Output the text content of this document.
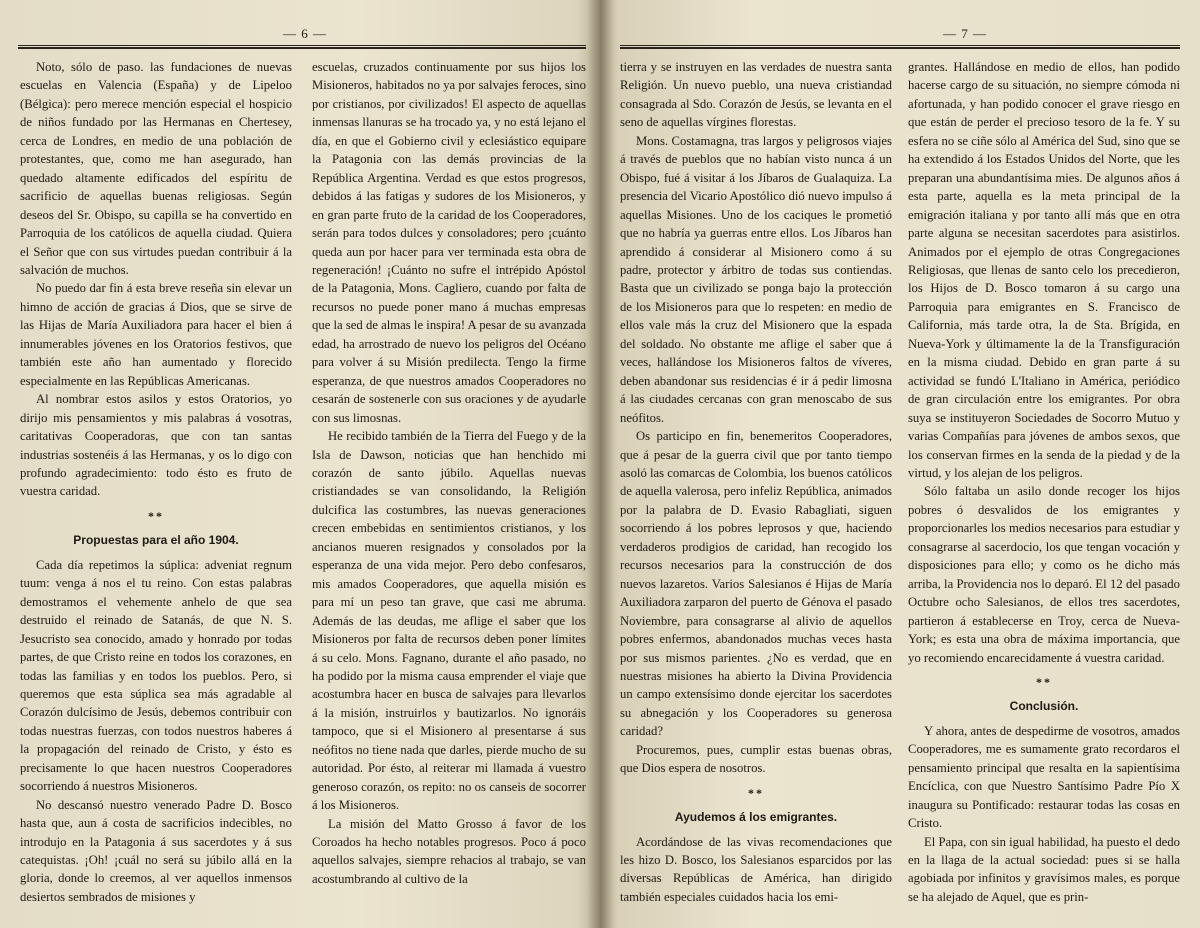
— 6 —

Noto, sólo de paso. las fundaciones de nuevas escuelas en Valencia (España) y de Lipeloo (Bélgica): pero merece mención especial el hospicio de niños fundado por las Hermanas en Chertesey, cerca de Londres, en medio de una población de protestantes, que, como me han asegurado, han quedado altamente edificados del espíritu de sacrificio de aquellas buenas religiosas. Según deseos del Sr. Obispo, su capilla se ha convertido en Parroquia de los católicos de aquella ciudad. Quiera el Señor que con sus virtudes puedan contribuir á la salvación de muchos.

No puedo dar fin á esta breve reseña sin elevar un himno de acción de gracias á Dios, que se sirve de las Hijas de María Auxiliadora para hacer el bien á innumerables jóvenes en los Oratorios festivos, que también este año han aumentado y florecido especialmente en las Repúblicas Americanas.

Al nombrar estos asilos y estos Oratorios, yo dirijo mis pensamientos y mis palabras á vosotras, caritativas Cooperadoras, que con tan santas industrias sostenéis á las Hermanas, y os lo digo con profundo agradecimiento: todo ésto es fruto de vuestra caridad.

**

Propuestas para el año 1904.

Cada día repetimos la súplica: adveniat regnum tuum: venga á nos el tu reino. Con estas palabras demostramos el vehemente anhelo de que sea destruido el reinado de Satanás, de que N. S. Jesucristo sea conocido, amado y honrado por todas partes, de que Cristo reine en todos los corazones, en todas las familias y en todos los pueblos. Pero, si queremos que esta súplica sea más agradable al Corazón dulcísimo de Jesús, debemos contribuir con todas nuestras fuerzas, con todos nuestros haberes á la propagación del reinado de Cristo, y ésto es precisamente lo que hacen nuestros Cooperadores socorriendo á nuestros Misioneros.

No descansó nuestro venerado Padre D. Bosco hasta que, aun á costa de sacrificios indecibles, no introdujo en la Patagonia á sus sacerdotes y á sus catequistas. ¡Oh! ¡cuál no será su júbilo allá en la gloria, donde lo creemos, al ver aquellos inmensos desiertos sembrados de misiones y

escuelas, cruzados continuamente por sus hijos los Misioneros, habitados no ya por salvajes feroces, sino por cristianos, por civilizados! El aspecto de aquellas inmensas llanuras se ha trocado ya, y no está lejano el día, en que el Gobierno civil y eclesiástico equipare la Patagonia con las demás provincias de la República Argentina. Verdad es que estos progresos, debidos á las fatigas y sudores de los Misioneros, y en gran parte fruto de la caridad de los Cooperadores, serán para todos dulces y consoladores; pero ¡cuánto queda aun por hacer para ver terminada esta obra de regeneración! ¡Cuánto no sufre el intrépido Apóstol de la Patagonia, Mons. Cagliero, cuando por falta de recursos no puede poner mano á muchas empresas que la sed de almas le inspira! A pesar de su avanzada edad, ha arrostrado de nuevo los peligros del Océano para volver á su Misión predilecta. Tengo la firme esperanza, de que nuestros amados Cooperadores no cesarán de sostenerle con sus oraciones y de ayudarle con sus limosnas.

He recibido también de la Tierra del Fuego y de la Isla de Dawson, noticias que han henchido mi corazón de santo júbilo. Aquellas nuevas cristiandades se van consolidando, la Religión dulcifica las costumbres, las nuevas generaciones crecen embebidas en sentimientos cristianos, y los ancianos mueren resignados y consolados por la esperanza de una vida mejor. Pero debo confesaros, mis amados Cooperadores, que aquella misión es para mí un peso tan grave, que casi me abruma. Además de las deudas, me aflige el saber que los Misioneros por falta de recursos deben poner límites á su celo. Mons. Fagnano, durante el año pasado, no ha podido por la misma causa emprender el viaje que acostumbra hacer en busca de salvajes para llevarlos á la misión, instruirlos y bautizarlos. No ignoráis tampoco, que si el Misionero al presentarse á sus neófitos no tiene nada que darles, pierde mucho de su autoridad. Por ésto, al reiterar mi llamada á vuestro generoso corazón, os repito: no os canseis de socorrer á los Misioneros.

La misión del Matto Grosso á favor de los Coroados ha hecho notables progresos. Poco á poco aquellos salvajes, siempre rehacios al trabajo, se van acostumbrando al cultivo de la

— 7 —

tierra y se instruyen en las verdades de nuestra santa Religión. Un nuevo pueblo, una nueva cristiandad consagrada al Sdo. Corazón de Jesús, se levanta en el seno de aquellas vírgines florestas.

Mons. Costamagna, tras largos y peligrosos viajes á través de pueblos que no habían visto nunca á un Obispo, fué á visitar á los Jíbaros de Gualaquiza. La presencia del Vicario Apostólico dió nuevo impulso á aquellas Misiones. Uno de los caciques le prometió que no habría ya guerras entre ellos. Los Jíbaros han aprendido á considerar al Misionero como á su padre, protector y árbitro de todas sus contiendas. Basta que un civilizado se ponga bajo la protección de los Misioneros para que lo respeten: en medio de ellos vale más la cruz del Misionero que la espada del soldado. No obstante me aflige el saber que á veces, hallándose los Misioneros faltos de víveres, deben abandonar sus residencias é ir á pedir limosna á las ciudades cercanas con gran menoscabo de sus neófitos.

Os participo en fin, benemeritos Cooperadores, que á pesar de la guerra civil que por tanto tiempo asoló las comarcas de Colombia, los buenos católicos de aquella valerosa, pero infeliz República, animados por la palabra de D. Evasio Rabagliati, siguen socorriendo á los pobres leprosos y que, haciendo verdaderos prodigios de caridad, han recogido los recursos necesarios para la construcción de dos nuevos lazaretos. Varios Salesianos é Hijas de María Auxiliadora zarparon del puerto de Génova el pasado Noviembre, para consagrarse al alivio de aquellos pobres enfermos, abandonados muchas veces hasta por sus mismos parientes. ¿No es verdad, que en nuestras misiones ha abierto la Divina Providencia un campo extensísimo donde ejercitar los sacerdotes su abnegación y los Cooperadores su generosa caridad?

Procuremos, pues, cumplir estas buenas obras, que Dios espera de nosotros.

**

Ayudemos á los emigrantes.

Acordándose de las vivas recomendaciones que les hizo D. Bosco, los Salesianos esparcidos por las diversas Repúblicas de América, han dirigido también especiales cuidados hacia los emi-

grantes. Hallándose en medio de ellos, han podido hacerse cargo de su situación, no siempre cómoda ni afortunada, y han podido conocer el grave riesgo en que están de perder el precioso tesoro de la fe. Y su esfera no se ciñe sólo al América del Sud, sino que se ha extendido á los Estados Unidos del Norte, que les preparan una abundantísima mies. De algunos años á esta parte, aquella es la meta principal de la emigración italiana y por tanto allí más que en otra parte alguna se necesitan sacerdotes para asistirlos. Animados por el ejemplo de otras Congregaciones Religiosas, que llenas de santo celo los precedieron, los Hijos de D. Bosco tomaron á su cargo una Parroquia para emigrantes en S. Francisco de California, más tarde otra, la de Sta. Brígida, en Nueva-York y últimamente la de la Transfiguración en la misma ciudad. Debido en gran parte á su actividad se fundó L'Italiano in América, periódico de gran circulación entre los emigrantes. Por obra suya se instituyeron Sociedades de Socorro Mutuo y varias Compañías para jóvenes de ambos sexos, que los conservan firmes en la senda de la piedad y de la virtud, y los alejan de los peligros.

Sólo faltaba un asilo donde recoger los hijos pobres ó desvalidos de los emigrantes y proporcionarles los medios necesarios para estudiar y consagrarse al sacerdocio, los que tengan vocación y disposiciones para ello; y como os he dicho más arriba, la Providencia nos lo deparó. El 12 del pasado Octubre ocho Salesianos, de ellos tres sacerdotes, partieron á establecerse en Troy, cerca de Nueva-York; es esta una obra de máxima importancia, que yo recomiendo encarecidamente á vuestra caridad.

**

Conclusión.

Y ahora, antes de despedirme de vosotros, amados Cooperadores, me es sumamente grato recordaros el pensamiento principal que resalta en la sapientísima Encíclica, con que Nuestro Santísimo Padre Pío X inaugura su Pontificado: restaurar todas las cosas en Cristo.

El Papa, con sin igual habilidad, ha puesto el dedo en la llaga de la actual sociedad: pues si se halla agobiada por infinitos y gravísimos males, es porque se ha alejado de Aquel, que es prin-
